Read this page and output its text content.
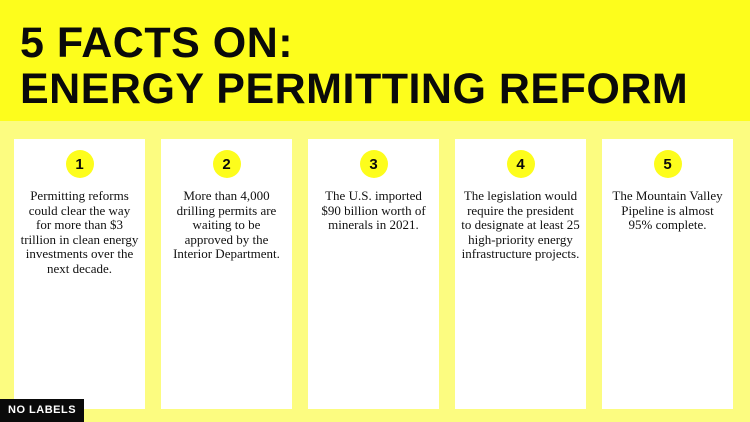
5 FACTS ON:
ENERGY PERMITTING REFORM
1

Permitting reforms could clear the way for more than $3 trillion in clean energy investments over the next decade.

2

More than 4,000 drilling permits are waiting to be approved by the Interior Department.

3

The U.S. imported $90 billion worth of minerals in 2021.

4

The legislation would require the president to designate at least 25 high-priority energy infrastructure projects.

5

The Mountain Valley Pipeline is almost 95% complete.

NO LABELS
